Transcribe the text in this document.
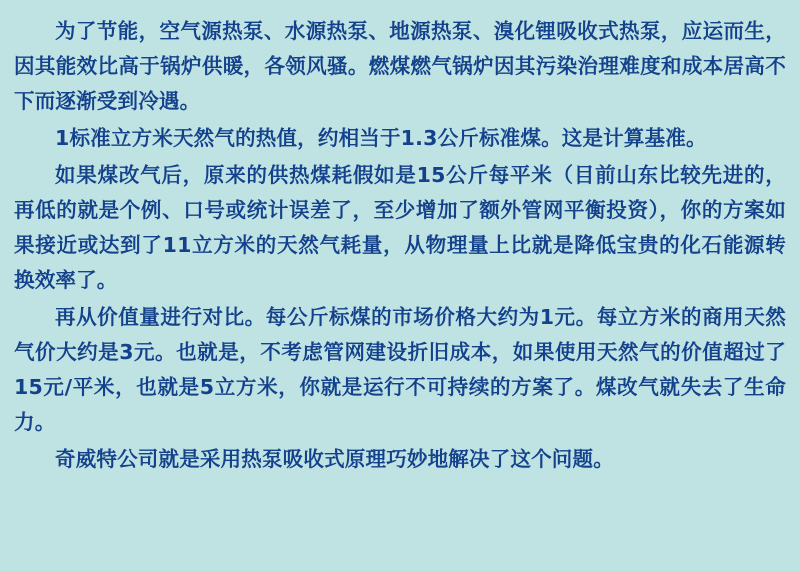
为了节能，空气源热泵、水源热泵、地源热泵、溴化锂吸收式热泵，应运而生，因其能效比高于锅炉供暖，各领风骚。燃煤燃气锅炉因其污染治理难度和成本居高不下而逐渐受到冷遇。

1标准立方米天然气的热值，约相当于1.3公斤标准煤。这是计算基准。

如果煤改气后，原来的供热煤耗假如是15公斤每平米（目前山东比较先进的，再低的就是个例、口号或统计误差了，至少增加了额外管网平衡投资），你的方案如果接近或达到了11立方米的天然气耗量，从物理量上比就是降低宝贵的化石能源转换效率了。

再从价值量进行对比。每公斤标煤的市场价格大约为1元。每立方米的商用天然气价大约是3元。也就是，不考虑管网建设折旧成本，如果使用天然气的价值超过了15元/平米，也就是5立方米，你就是运行不可持续的方案了。煤改气就失去了生命力。

奇威特公司就是采用热泵吸收式原理巧妙地解决了这个问题。
